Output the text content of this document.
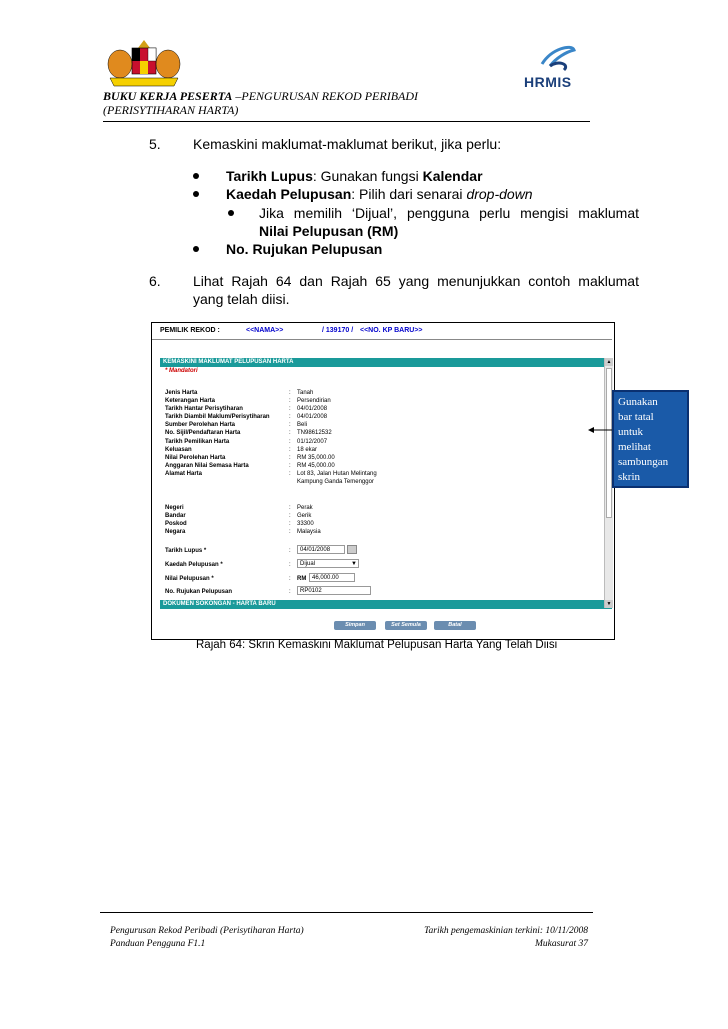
HRMIS
BUKU KERJA PESERTA –PENGURUSAN REKOD PERIBADI
(PERISYTIHARAN HARTA)
5. Kemaskini maklumat-maklumat berikut, jika perlu:
Tarikh Lupus: Gunakan fungsi Kalendar
Kaedah Pelupusan: Pilih dari senarai drop-down
Jika memilih ‘Dijual’, pengguna perlu mengisi maklumat
Nilai Pelupusan (RM)
No. Rujukan Pelupusan
6. Lihat Rajah 64 dan Rajah 65 yang menunjukkan contoh maklumat
yang telah diisi.
PEMILIK REKOD :	<<NAMA>>	/ 139170 / <<NO. KP BARU>>
KEMASKINI MAKLUMAT PELUPUSAN HARTA
* Mandatori
Jenis Harta	: Tanah
Keterangan Harta	: Persendirian
Tarikh Hantar Perisytiharan	: 04/01/2008
Tarikh Diambil Maklum/Perisytiharan	: 04/01/2008
Sumber Perolehan Harta	: Beli
No. Sijil/Pendaftaran Harta	: TN98612532
Tarikh Pemilikan Harta	: 01/12/2007
Keluasan	: 18 ekar
Nilai Perolehan Harta	: RM 35,000.00
Anggaran Nilai Semasa Harta	: RM 45,000.00
Alamat Harta	: Lot 83, Jalan Hutan Melintang
Kampung Ganda Temenggor
Negeri	: Perak
Bandar	: Gerik
Poskod	: 33300
Negara	: Malaysia
Tarikh Lupus *	:	04/01/2008
Kaedah Pelupusan *	:	Dijual	▼
Nilai Pelupusan *	: RM 46,000.00
No. Rujukan Pelupusan	:	RP0102
DOKUMEN SOKONGAN - HARTA BARU
Simpan	Set Semula	Batal
▲
▼
Gunakan
bar tatal
untuk
melihat
sambungan
skrin
Rajah 64: Skrin Kemaskini Maklumat Pelupusan Harta Yang Telah Diisi
Pengurusan Rekod Peribadi (Perisytiharan Harta)
Panduan Pengguna F1.1
Tarikh pengemaskinian terkini: 10/11/2008
Mukasurat 37
